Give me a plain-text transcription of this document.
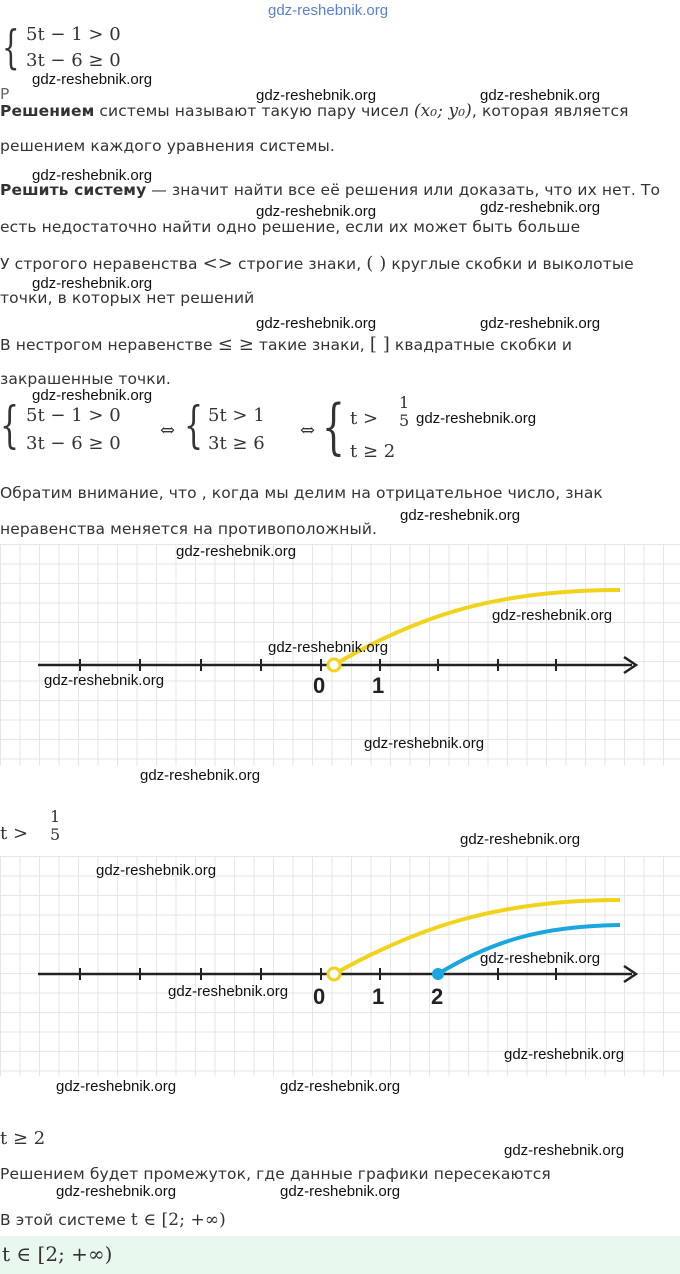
gdz-reshebnik.org
{ 5t − 1 > 0
3t − 6 ≥ 0
gdz-reshebnik.org
Р	gdz-reshebnik.org	gdz-reshebnik.org
Решением системы называют такую пару чисел (x₀; y₀), которая является
решением каждого уравнения системы.
gdz-reshebnik.org
Решить систему — значит найти все её решения или доказать, что их нет. То
gdz-reshebnik.org	gdz-reshebnik.org
есть недостаточно найти одно решение, если их может быть больше
У строгого неравенства <> строгие знаки, ( ) круглые скобки и выколотые
gdz-reshebnik.org
точки, в которых нет решений
gdz-reshebnik.org	gdz-reshebnik.org
В нестрогом неравенстве ≤ ≥ такие знаки, [ ] квадратные скобки и
закрашенные точки.
gdz-reshebnik.org
{ 5t − 1 > 0
3t − 6 ≥ 0
⇔ { 5t > 1
3t ≥ 6
⇔ { t >
1
5
t ≥ 2
gdz-reshebnik.org
Обратим внимание, что , когда мы делим на отрицательное число, знак
gdz-reshebnik.org
неравенства меняется на противоположный.
0 1
gdz-reshebnik.org
gdz-reshebnik.org
gdz-reshebnik.org
gdz-reshebnik.org
gdz-reshebnik.org
gdz-reshebnik.org
t >
1
5	gdz-reshebnik.org
0 1 2
gdz-reshebnik.org
gdz-reshebnik.org
gdz-reshebnik.org
gdz-reshebnik.org
gdz-reshebnik.org	gdz-reshebnik.org
t ≥ 2
gdz-reshebnik.org
Решением будет промежуток, где данные графики пересекаются
gdz-reshebnik.org	gdz-reshebnik.org
В этой системе t ∈ [2; +∞)
t ∈ [2; +∞)
